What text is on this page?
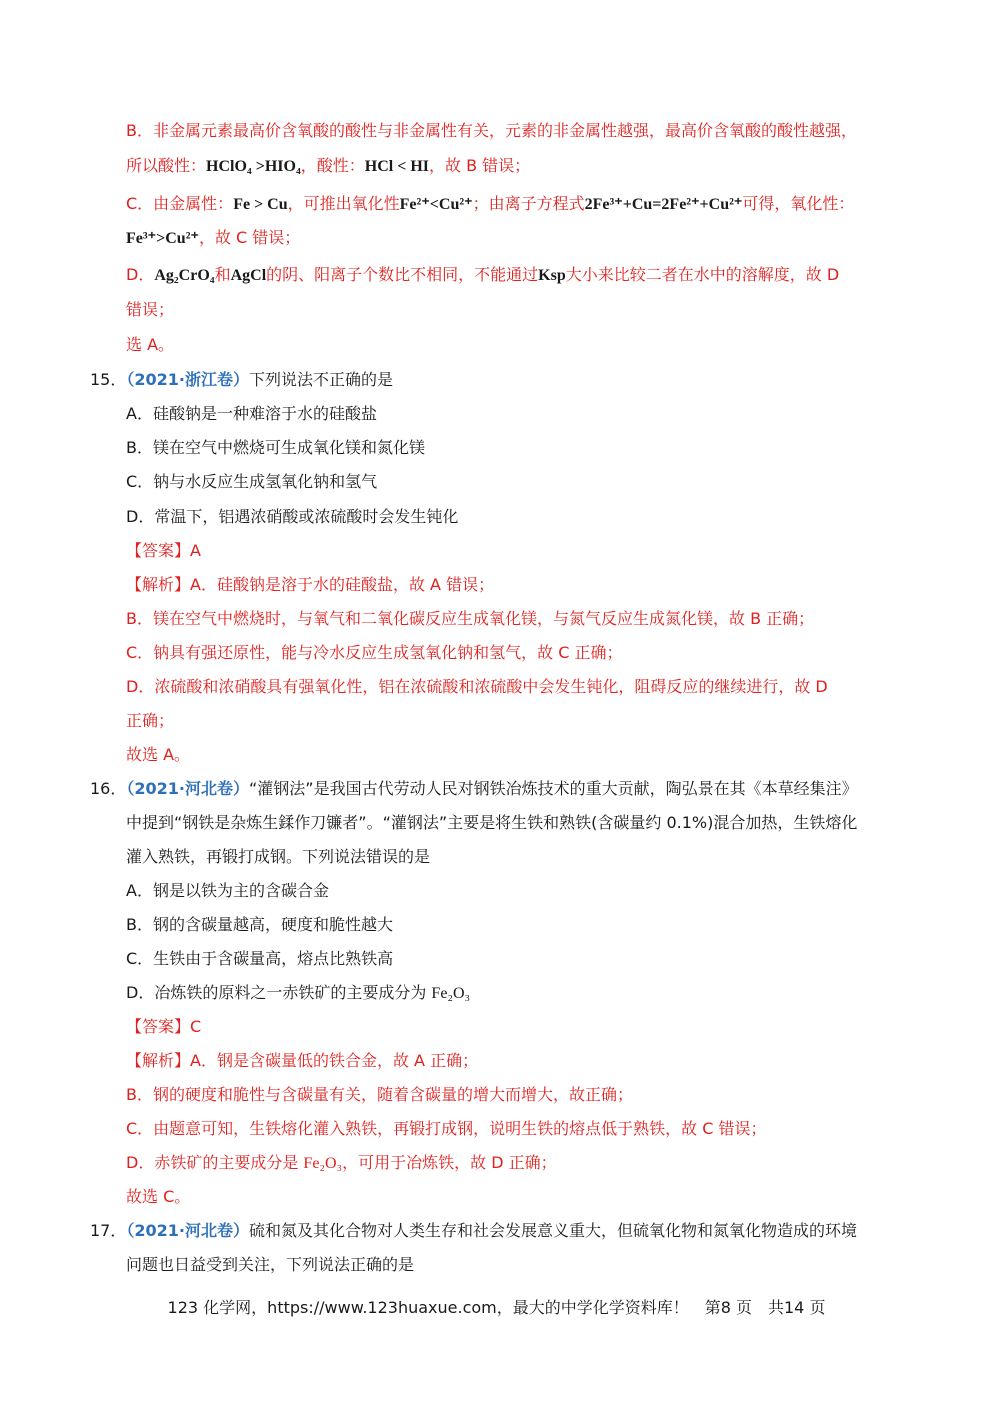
B．非金属元素最高价含氧酸的酸性与非金属性有关，元素的非金属性越强，最高价含氧酸的酸性越强，
所以酸性：HClO₄ >HIO₄，酸性：HCl < HI，故 B 错误；
C．由金属性：Fe > Cu，可推出氧化性Fe²⁺<Cu²⁺；由离子方程式2Fe³⁺+Cu=2Fe²⁺+Cu²⁺可得，氧化性：
Fe³⁺>Cu²⁺，故 C 错误；
D．Ag₂CrO₄和AgCl的阴、阳离子个数比不相同，不能通过Ksp大小来比较二者在水中的溶解度，故 D
错误；
选 A。
15．（2021·浙江卷）下列说法不正确的是
A．硅酸钠是一种难溶于水的硅酸盐
B．镁在空气中燃烧可生成氧化镁和氮化镁
C．钠与水反应生成氢氧化钠和氢气
D．常温下，铝遇浓硝酸或浓硫酸时会发生钝化
【答案】A
【解析】A．硅酸钠是溶于水的硅酸盐，故 A 错误；
B．镁在空气中燃烧时，与氧气和二氧化碳反应生成氧化镁，与氮气反应生成氮化镁，故 B 正确；
C．钠具有强还原性，能与冷水反应生成氢氧化钠和氢气，故 C 正确；
D．浓硫酸和浓硝酸具有强氧化性，铝在浓硫酸和浓硫酸中会发生钝化，阻碍反应的继续进行，故 D
正确；
故选 A。
16．（2021·河北卷）“灌钢法”是我国古代劳动人民对钢铁冶炼技术的重大贡献，陶弘景在其《本草经集注》
中提到“钢铁是杂炼生鍒作刀镰者”。“灌钢法”主要是将生铁和熟铁(含碳量约 0.1%)混合加热，生铁熔化
灌入熟铁，再锻打成钢。下列说法错误的是
A．钢是以铁为主的含碳合金
B．钢的含碳量越高，硬度和脆性越大
C．生铁由于含碳量高，熔点比熟铁高
D．冶炼铁的原料之一赤铁矿的主要成分为 Fe₂O₃
【答案】C
【解析】A．钢是含碳量低的铁合金，故 A 正确；
B．钢的硬度和脆性与含碳量有关，随着含碳量的增大而增大，故正确；
C．由题意可知，生铁熔化灌入熟铁，再锻打成钢，说明生铁的熔点低于熟铁，故 C 错误；
D．赤铁矿的主要成分是 Fe₂O₃，可用于冶炼铁，故 D 正确；
故选 C。
17．（2021·河北卷）硫和氮及其化合物对人类生存和社会发展意义重大，但硫氧化物和氮氧化物造成的环境
问题也日益受到关注，下列说法正确的是
123 化学网，https://www.123huaxue.com，最大的中学化学资料库！　第8 页　共14 页
